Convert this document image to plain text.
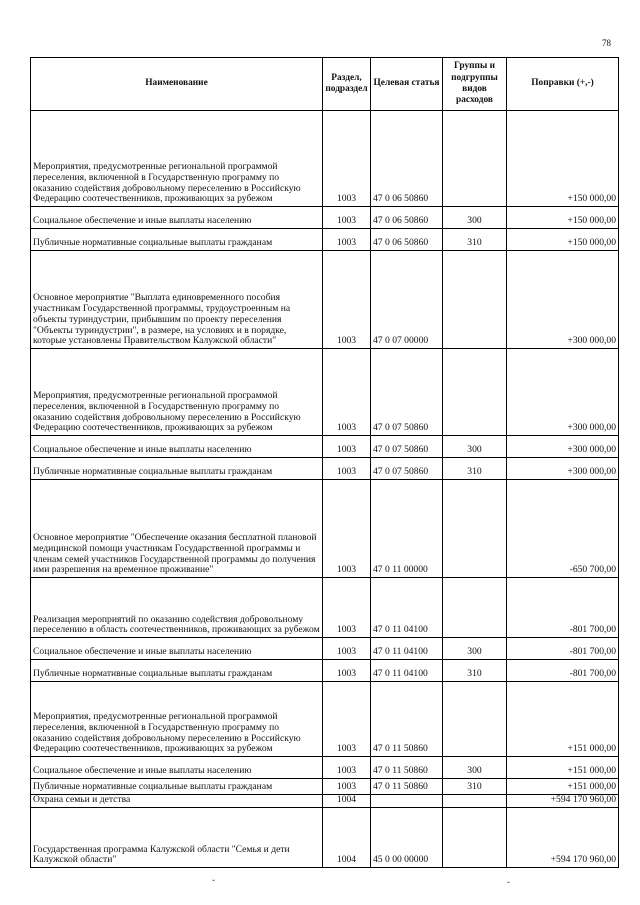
78
Наименование	Раздел, подраздел	Целевая статья	Группы и подгруппы видов расходов	Поправки (+,-)
Мероприятия, предусмотренные региональной программой переселения, включенной в Государственную программу по оказанию содействия добровольному переселению в Российскую Федерацию соотечественников, проживающих за рубежом	1003	47 0 06 50860		+150 000,00
Социальное обеспечение и иные выплаты населению	1003	47 0 06 50860	300	+150 000,00
Публичные нормативные социальные выплаты гражданам	1003	47 0 06 50860	310	+150 000,00
Основное мероприятие "Выплата единовременного пособия участникам Государственной программы, трудоустроенным на объекты туриндустрии, прибывшим по проекту переселения "Объекты туриндустрии", в размере, на условиях и в порядке, которые установлены Правительством Калужской области"	1003	47 0 07 00000		+300 000,00
Мероприятия, предусмотренные региональной программой переселения, включенной в Государственную программу по оказанию содействия добровольному переселению в Российскую Федерацию соотечественников, проживающих за рубежом	1003	47 0 07 50860		+300 000,00
Социальное обеспечение и иные выплаты населению	1003	47 0 07 50860	300	+300 000,00
Публичные нормативные социальные выплаты гражданам	1003	47 0 07 50860	310	+300 000,00
Основное мероприятие "Обеспечение оказания бесплатной плановой медицинской помощи участникам Государственной программы и членам семей участников Государственной программы до получения ими разрешения на временное проживание"	1003	47 0 11 00000		-650 700,00
Реализация мероприятий по оказанию содействия добровольному переселению в область соотечественников, проживающих за рубежом	1003	47 0 11 04100		-801 700,00
Социальное обеспечение и иные выплаты населению	1003	47 0 11 04100	300	-801 700,00
Публичные нормативные социальные выплаты гражданам	1003	47 0 11 04100	310	-801 700,00
Мероприятия, предусмотренные региональной программой переселения, включенной в Государственную программу по оказанию содействия добровольному переселению в Российскую Федерацию соотечественников, проживающих за рубежом	1003	47 0 11 50860		+151 000,00
Социальное обеспечение и иные выплаты населению	1003	47 0 11 50860	300	+151 000,00
Публичные нормативные социальные выплаты гражданам	1003	47 0 11 50860	310	+151 000,00
Охрана семьи и детства	1004			+594 170 960,00
Государственная программа Калужской области "Семья и дети Калужской области"	1004	45 0 00 00000		+594 170 960,00
ˇ	ˇ
